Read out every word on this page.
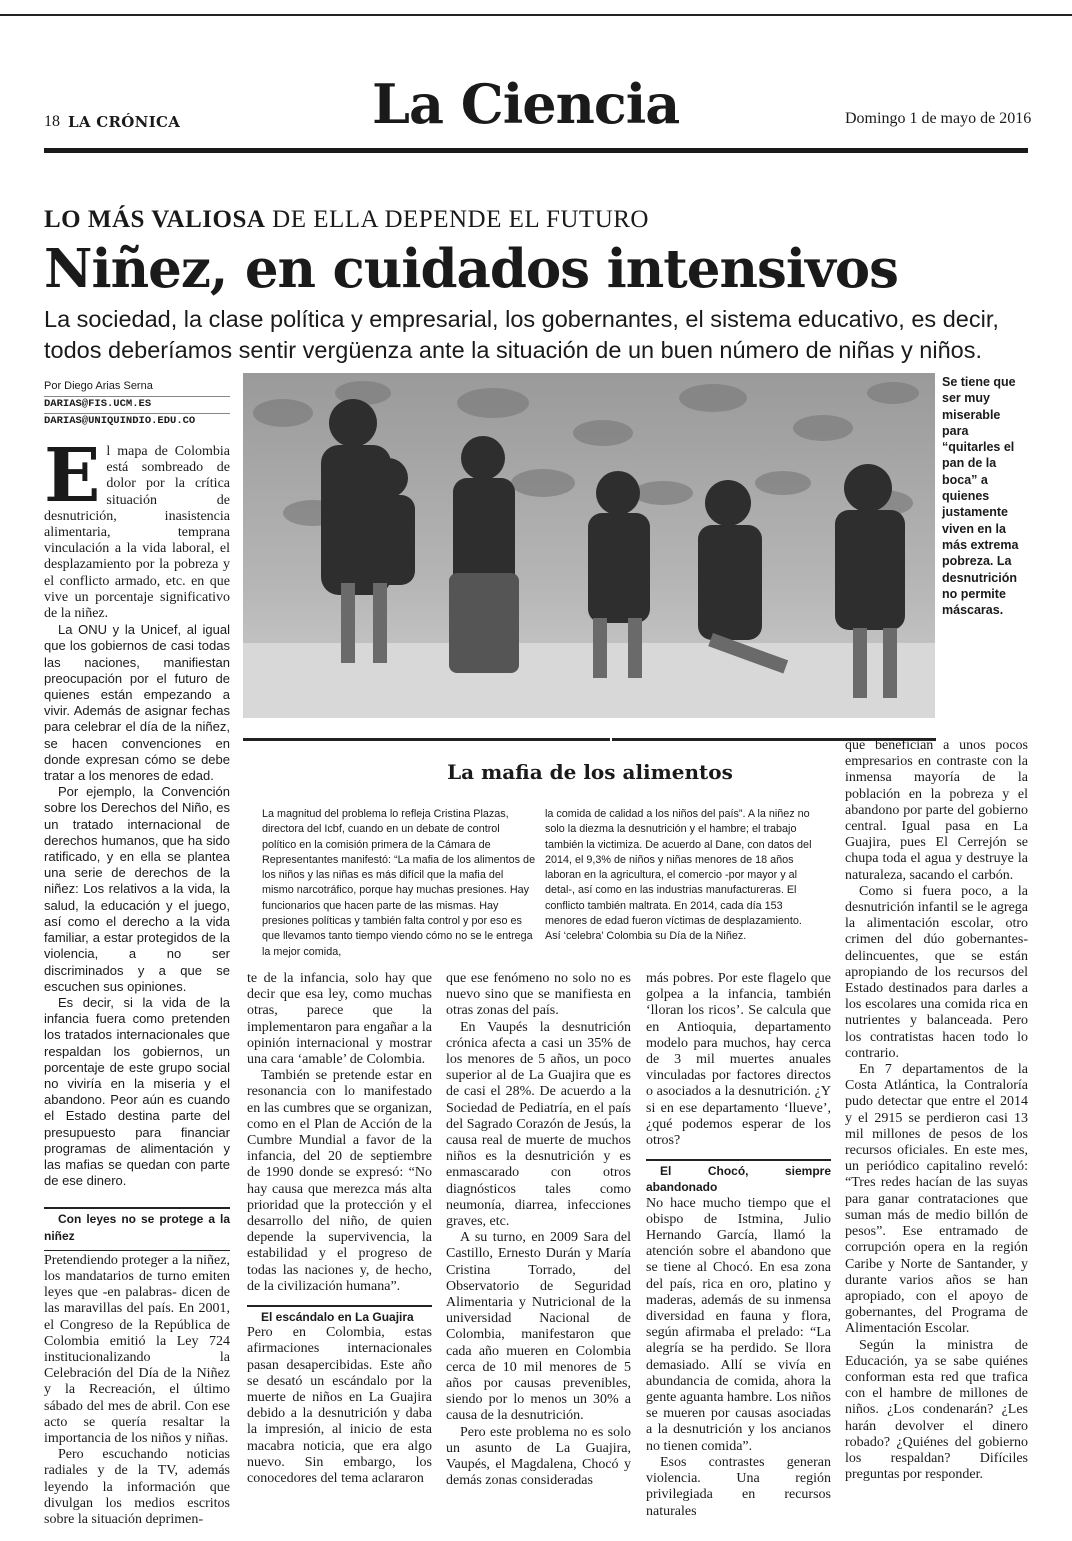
18 LA CRÓNICA	La Ciencia	Domingo 1 de mayo de 2016
LO MÁS VALIOSA DE ELLA DEPENDE EL FUTURO
Niñez, en cuidados intensivos
La sociedad, la clase política y empresarial, los gobernantes, el sistema educativo, es decir, todos deberíamos sentir vergüenza ante la situación de un buen número de niñas y niños.
Por Diego Arias Serna
DARIAS@FIS.UCM.ES
DARIAS@UNIQUINDIO.EDU.CO
Se tiene que ser muy miserable para “quitarles el pan de la boca” a quienes justamente viven en la más extrema pobreza. La desnutrición no permite máscaras.
E l mapa de Colombia está sombreado de dolor por la crítica situación de desnutrición, inasistencia alimentaria, temprana vinculación a la vida laboral, el desplazamiento por la pobreza y el conflicto armado, etc. en que vive un porcentaje significativo de la niñez.

La ONU y la Unicef, al igual que los gobiernos de casi todas las naciones, manifiestan preocupación por el futuro de quienes están empezando a vivir. Además de asignar fechas para celebrar el día de la niñez, se hacen convenciones en donde expresan cómo se debe tratar a los menores de edad.

Por ejemplo, la Convención sobre los Derechos del Niño, es un tratado internacional de derechos humanos, que ha sido ratificado, y en ella se plantea una serie de derechos de la niñez: Los relativos a la vida, la salud, la educación y el juego, así como el derecho a la vida familiar, a estar protegidos de la violencia, a no ser discriminados y a que se escuchen sus opiniones.

Es decir, si la vida de la infancia fuera como pretenden los tratados internacionales que respaldan los gobiernos, un porcentaje de este grupo social no viviría en la miseria y el abandono. Peor aún es cuando el Estado destina parte del presupuesto para financiar programas de alimentación y las mafias se quedan con parte de ese dinero.

Con leyes no se protege a la niñez

Pretendiendo proteger a la niñez, los mandatarios de turno emiten leyes que -en palabras- dicen de las maravillas del país. En 2001, el Congreso de la República de Colombia emitió la Ley 724 institucionalizando la Celebración del Día de la Niñez y la Recreación, el último sábado del mes de abril. Con ese acto se quería resaltar la importancia de los niños y niñas.

Pero escuchando noticias radiales y de la TV, además leyendo la información que divulgan los medios escritos sobre la situación deprimen-

La mafia de los alimentos

La magnitud del problema lo refleja Cristina Plazas, directora del Icbf, cuando en un debate de control político en la comisión primera de la Cámara de Representantes manifestó: “La mafia de los alimentos de los niños y las niñas es más difícil que la mafia del mismo narcotráfico, porque hay muchas presiones. Hay funcionarios que hacen parte de las mismas. Hay presiones políticas y también falta control y por eso es que llevamos tanto tiempo viendo cómo no se le entrega la mejor comida,

la comida de calidad a los niños del país”. A la niñez no solo la diezma la desnutrición y el hambre; el trabajo también la victimiza. De acuerdo al Dane, con datos del 2014, el 9,3% de niños y niñas menores de 18 años laboran en la agricultura, el comercio -por mayor y al detal-, así como en las industrias manufactureras. El conflicto también maltrata. En 2014, cada día 153 menores de edad fueron víctimas de desplazamiento. Así ‘celebra’ Colombia su Día de la Niñez.

te de la infancia, solo hay que decir que esa ley, como muchas otras, parece que la implementaron para engañar a la opinión internacional y mostrar una cara ‘amable’ de Colombia.

También se pretende estar en resonancia con lo manifestado en las cumbres que se organizan, como en el Plan de Acción de la Cumbre Mundial a favor de la infancia, del 20 de septiembre de 1990 donde se expresó: “No hay causa que merezca más alta prioridad que la protección y el desarrollo del niño, de quien depende la supervivencia, la estabilidad y el progreso de todas las naciones y, de hecho, de la civilización humana”.

El escándalo en La Guajira

Pero en Colombia, estas afirmaciones internacionales pasan desapercibidas. Este año se desató un escándalo por la muerte de niños en La Guajira debido a la desnutrición y daba la impresión, al inicio de esta macabra noticia, que era algo nuevo. Sin embargo, los conocedores del tema aclararon

que ese fenómeno no solo no es nuevo sino que se manifiesta en otras zonas del país.

En Vaupés la desnutrición crónica afecta a casi un 35% de los menores de 5 años, un poco superior al de La Guajira que es de casi el 28%. De acuerdo a la Sociedad de Pediatría, en el país del Sagrado Corazón de Jesús, la causa real de muerte de muchos niños es la desnutrición y es enmascarado con otros diagnósticos tales como neumonía, diarrea, infecciones graves, etc.

A su turno, en 2009 Sara del Castillo, Ernesto Durán y María Cristina Torrado, del Observatorio de Seguridad Alimentaria y Nutricional de la universidad Nacional de Colombia, manifestaron que cada año mueren en Colombia cerca de 10 mil menores de 5 años por causas prevenibles, siendo por lo menos un 30% a causa de la desnutrición.

Pero este problema no es solo un asunto de La Guajira, Vaupés, el Magdalena, Chocó y demás zonas consideradas

más pobres. Por este flagelo que golpea a la infancia, también ‘lloran los ricos’. Se calcula que en Antioquia, departamento modelo para muchos, hay cerca de 3 mil muertes anuales vinculadas por factores directos o asociados a la desnutrición. ¿Y si en ese departamento ‘llueve’, ¿qué podemos esperar de los otros?

El Chocó, siempre abandonado

No hace mucho tiempo que el obispo de Istmina, Julio Hernando García, llamó la atención sobre el abandono que se tiene al Chocó. En esa zona del país, rica en oro, platino y maderas, además de su inmensa diversidad en fauna y flora, según afirmaba el prelado: “La alegría se ha perdido. Se llora demasiado. Allí se vivía en abundancia de comida, ahora la gente aguanta hambre. Los niños se mueren por causas asociadas a la desnutrición y los ancianos no tienen comida”.

Esos contrastes generan violencia. Una región privilegiada en recursos naturales

que benefician a unos pocos empresarios en contraste con la inmensa mayoría de la población en la pobreza y el abandono por parte del gobierno central. Igual pasa en La Guajira, pues El Cerrejón se chupa toda el agua y destruye la naturaleza, sacando el carbón.

Como si fuera poco, a la desnutrición infantil se le agrega la alimentación escolar, otro crimen del dúo gobernantes-delincuentes, que se están apropiando de los recursos del Estado destinados para darles a los escolares una comida rica en nutrientes y balanceada. Pero los contratistas hacen todo lo contrario.

En 7 departamentos de la Costa Atlántica, la Contraloría pudo detectar que entre el 2014 y el 2915 se perdieron casi 13 mil millones de pesos de los recursos oficiales. En este mes, un periódico capitalino reveló: “Tres redes hacían de las suyas para ganar contrataciones que suman más de medio billón de pesos”. Ese entramado de corrupción opera en la región Caribe y Norte de Santander, y durante varios años se han apropiado, con el apoyo de gobernantes, del Programa de Alimentación Escolar.

Según la ministra de Educación, ya se sabe quiénes conforman esta red que trafica con el hambre de millones de niños. ¿Los condenarán? ¿Les harán devolver el dinero robado? ¿Quiénes del gobierno los respaldan? Difíciles preguntas por responder.
